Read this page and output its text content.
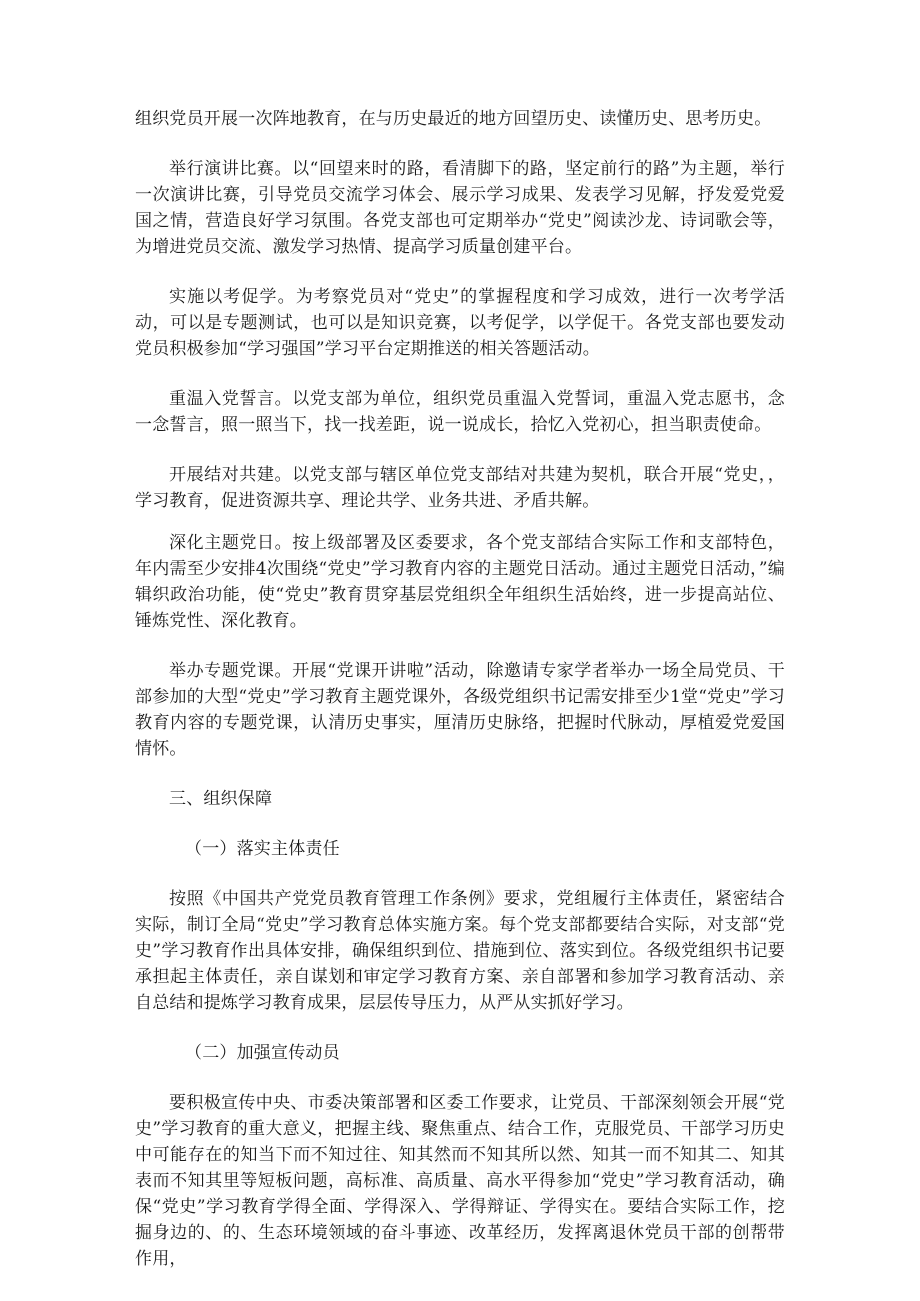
组织党员开展一次阵地教育，在与历史最近的地方回望历史、读懂历史、思考历史。

举行演讲比赛。以“回望来时的路，看清脚下的路，坚定前行的路”为主题，举行一次演讲比赛，引导党员交流学习体会、展示学习成果、发表学习见解，抒发爱党爱国之情，营造良好学习氛围。各党支部也可定期举办“党史”阅读沙龙、诗词歌会等，为增进党员交流、激发学习热情、提高学习质量创建平台。

实施以考促学。为考察党员对“党史”的掌握程度和学习成效，进行一次考学活动，可以是专题测试，也可以是知识竞赛，以考促学，以学促干。各党支部也要发动党员积极参加“学习强国”学习平台定期推送的相关答题活动。

重温入党誓言。以党支部为单位，组织党员重温入党誓词，重温入党志愿书，念一念誓言，照一照当下，找一找差距，说一说成长，拾忆入党初心，担当职责使命。

开展结对共建。以党支部与辖区单位党支部结对共建为契机，联合开展“党史，，学习教育，促进资源共享、理论共学、业务共进、矛盾共解。

深化主题党日。按上级部署及区委要求，各个党支部结合实际工作和支部特色，年内需至少安排4次围绕“党史”学习教育内容的主题党日活动。通过主题党日活动，”编辑织政治功能，使“党史”教育贯穿基层党组织全年组织生活始终，进一步提高站位、锤炼党性、深化教育。

举办专题党课。开展“党课开讲啦”活动，除邀请专家学者举办一场全局党员、干部参加的大型“党史”学习教育主题党课外，各级党组织书记需安排至少1堂“党史”学习教育内容的专题党课，认清历史事实，厘清历史脉络，把握时代脉动，厚植爱党爱国情怀。

三、组织保障

（一）落实主体责任

按照《中国共产党党员教育管理工作条例》要求，党组履行主体责任，紧密结合实际，制订全局“党史”学习教育总体实施方案。每个党支部都要结合实际，对支部“党史”学习教育作出具体安排，确保组织到位、措施到位、落实到位。各级党组织书记要承担起主体责任，亲自谋划和审定学习教育方案、亲自部署和参加学习教育活动、亲自总结和提炼学习教育成果，层层传导压力，从严从实抓好学习。

（二）加强宣传动员

要积极宣传中央、市委决策部署和区委工作要求，让党员、干部深刻领会开展“党史”学习教育的重大意义，把握主线、聚焦重点、结合工作，克服党员、干部学习历史中可能存在的知当下而不知过往、知其然而不知其所以然、知其一而不知其二、知其表而不知其里等短板问题，高标准、高质量、高水平得参加“党史”学习教育活动，确保“党史”学习教育学得全面、学得深入、学得辩证、学得实在。要结合实际工作，挖掘身边的、的、生态环境领域的奋斗事迹、改革经历，发挥离退休党员干部的创帮带作用，
